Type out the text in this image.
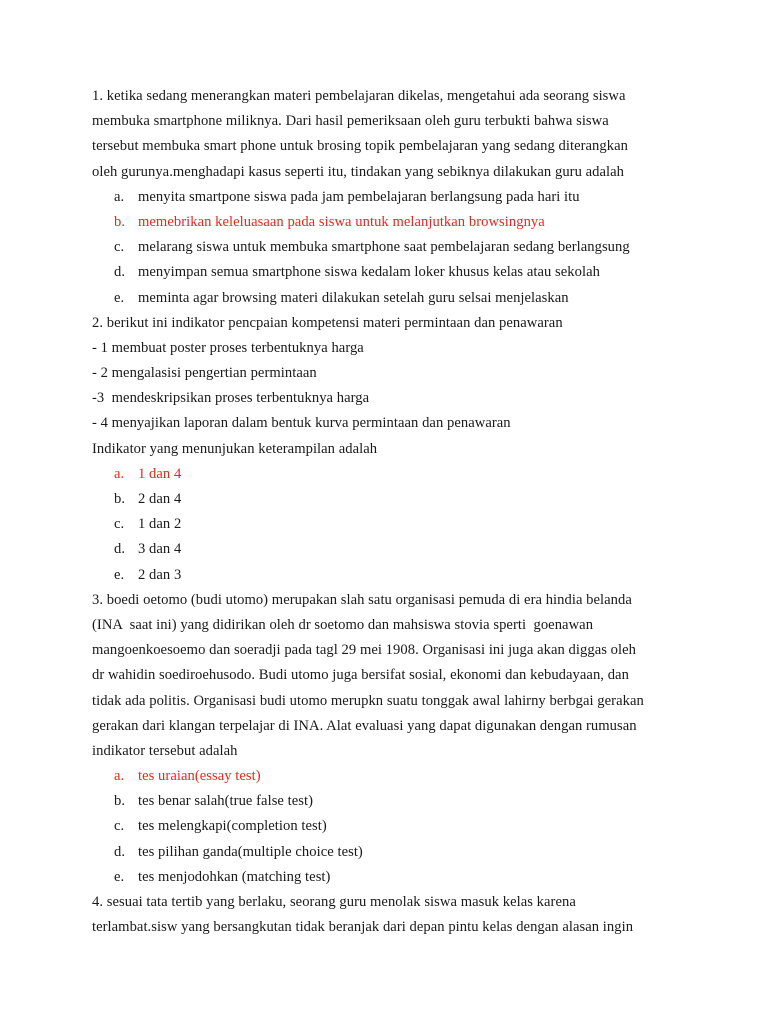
1. ketika sedang menerangkan materi pembelajaran dikelas, mengetahui ada seorang siswa
membuka smartphone miliknya. Dari hasil pemeriksaan oleh guru terbukti bahwa siswa
tersebut membuka smart phone untuk brosing topik pembelajaran yang sedang diterangkan
oleh gurunya.menghadapi kasus seperti itu, tindakan yang sebiknya dilakukan guru adalah
a. menyita smartpone siswa pada jam pembelajaran berlangsung pada hari itu
b. memebrikan keleluasaan pada siswa untuk melanjutkan browsingnya
c. melarang siswa untuk membuka smartphone saat pembelajaran sedang berlangsung
d. menyimpan semua smartphone siswa kedalam loker khusus kelas atau sekolah
e. meminta agar browsing materi dilakukan setelah guru selsai menjelaskan
2. berikut ini indikator pencpaian kompetensi materi permintaan dan penawaran
- 1 membuat poster proses terbentuknya harga
- 2 mengalasisi pengertian permintaan
-3  mendeskripsikan proses terbentuknya harga
- 4 menyajikan laporan dalam bentuk kurva permintaan dan penawaran
Indikator yang menunjukan keterampilan adalah
a. 1 dan 4
b. 2 dan 4
c. 1 dan 2
d. 3 dan 4
e. 2 dan 3
3. boedi oetomo (budi utomo) merupakan slah satu organisasi pemuda di era hindia belanda
(INA  saat ini) yang didirikan oleh dr soetomo dan mahsiswa stovia sperti  goenawan
mangoenkoesoemo dan soeradji pada tagl 29 mei 1908. Organisasi ini juga akan diggas oleh
dr wahidin soediroehusodo. Budi utomo juga bersifat sosial, ekonomi dan kebudayaan, dan
tidak ada politis. Organisasi budi utomo merupkn suatu tonggak awal lahirny berbgai gerakan
gerakan dari klangan terpelajar di INA. Alat evaluasi yang dapat digunakan dengan rumusan
indikator tersebut adalah
a. tes uraian(essay test)
b. tes benar salah(true false test)
c. tes melengkapi(completion test)
d. tes pilihan ganda(multiple choice test)
e. tes menjodohkan (matching test)
4. sesuai tata tertib yang berlaku, seorang guru menolak siswa masuk kelas karena
terlambat.sisw yang bersangkutan tidak beranjak dari depan pintu kelas dengan alasan ingin
